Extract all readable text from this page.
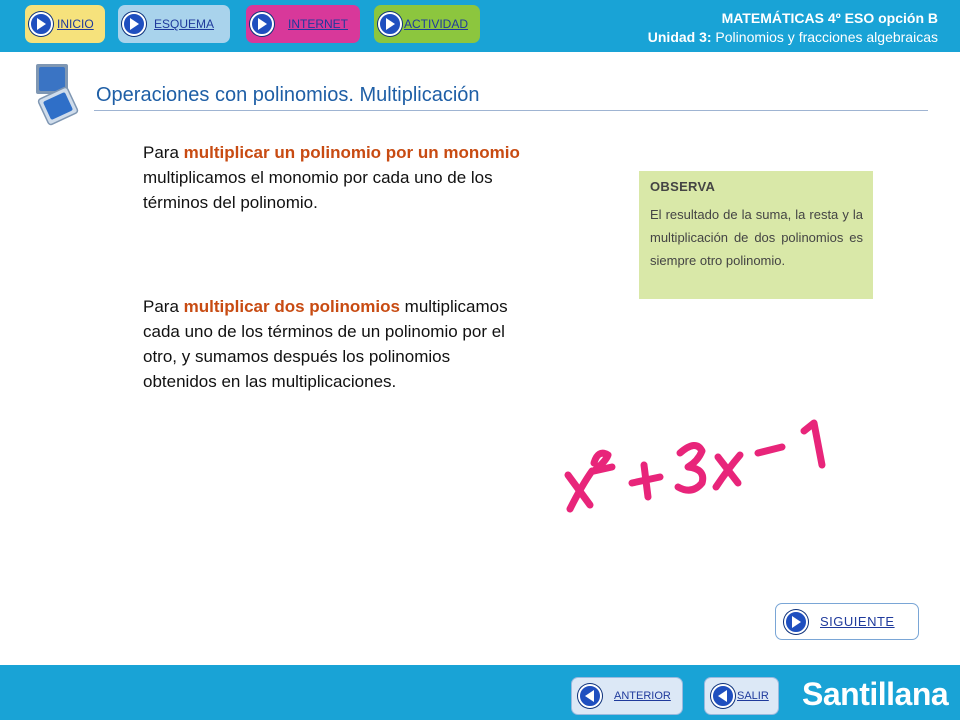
INICIO	ESQUEMA	INTERNET	ACTIVIDAD	MATEMÁTICAS 4º ESO opción B
Unidad 3: Polinomios y fracciones algebraicas
Operaciones con polinomios. Multiplicación
Para multiplicar un polinomio por un monomio multiplicamos el monomio por cada uno de los términos del polinomio.
Para multiplicar dos polinomios multiplicamos cada uno de los términos de un polinomio por el otro, y sumamos después los polinomios obtenidos en las multiplicaciones.
OBSERVA
El resultado de la suma, la resta y la multiplicación de dos polinomios es siempre otro polinomio.
SIGUIENTE
ANTERIOR	SALIR Santillana
